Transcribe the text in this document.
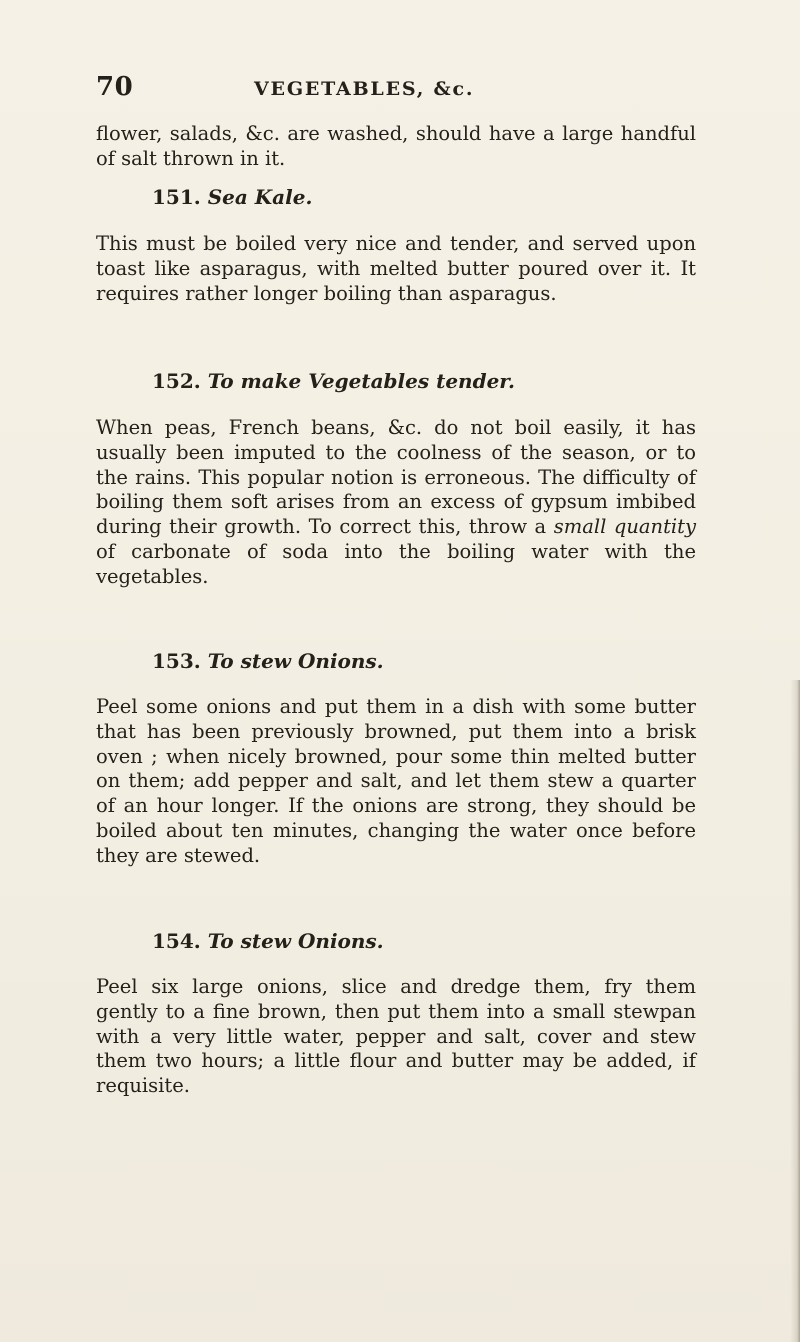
70	VEGETABLES, &c.

flower, salads, &c. are washed, should have a large handful of salt thrown in it.

151. Sea Kale.

This must be boiled very nice and tender, and served upon toast like asparagus, with melted butter poured over it. It requires rather longer boiling than asparagus.

152. To make Vegetables tender.

When peas, French beans, &c. do not boil easily, it has usually been imputed to the coolness of the season, or to the rains. This popular notion is erroneous. The difficulty of boiling them soft arises from an excess of gypsum imbibed during their growth. To correct this, throw a small quantity of carbonate of soda into the boiling water with the vegetables.

153. To stew Onions.

Peel some onions and put them in a dish with some butter that has been previously browned, put them into a brisk oven ; when nicely browned, pour some thin melted butter on them; add pepper and salt, and let them stew a quarter of an hour longer. If the onions are strong, they should be boiled about ten minutes, changing the water once before they are stewed.

154. To stew Onions.

Peel six large onions, slice and dredge them, fry them gently to a fine brown, then put them into a small stewpan with a very little water, pepper and salt, cover and stew them two hours; a little flour and butter may be added, if requisite.
